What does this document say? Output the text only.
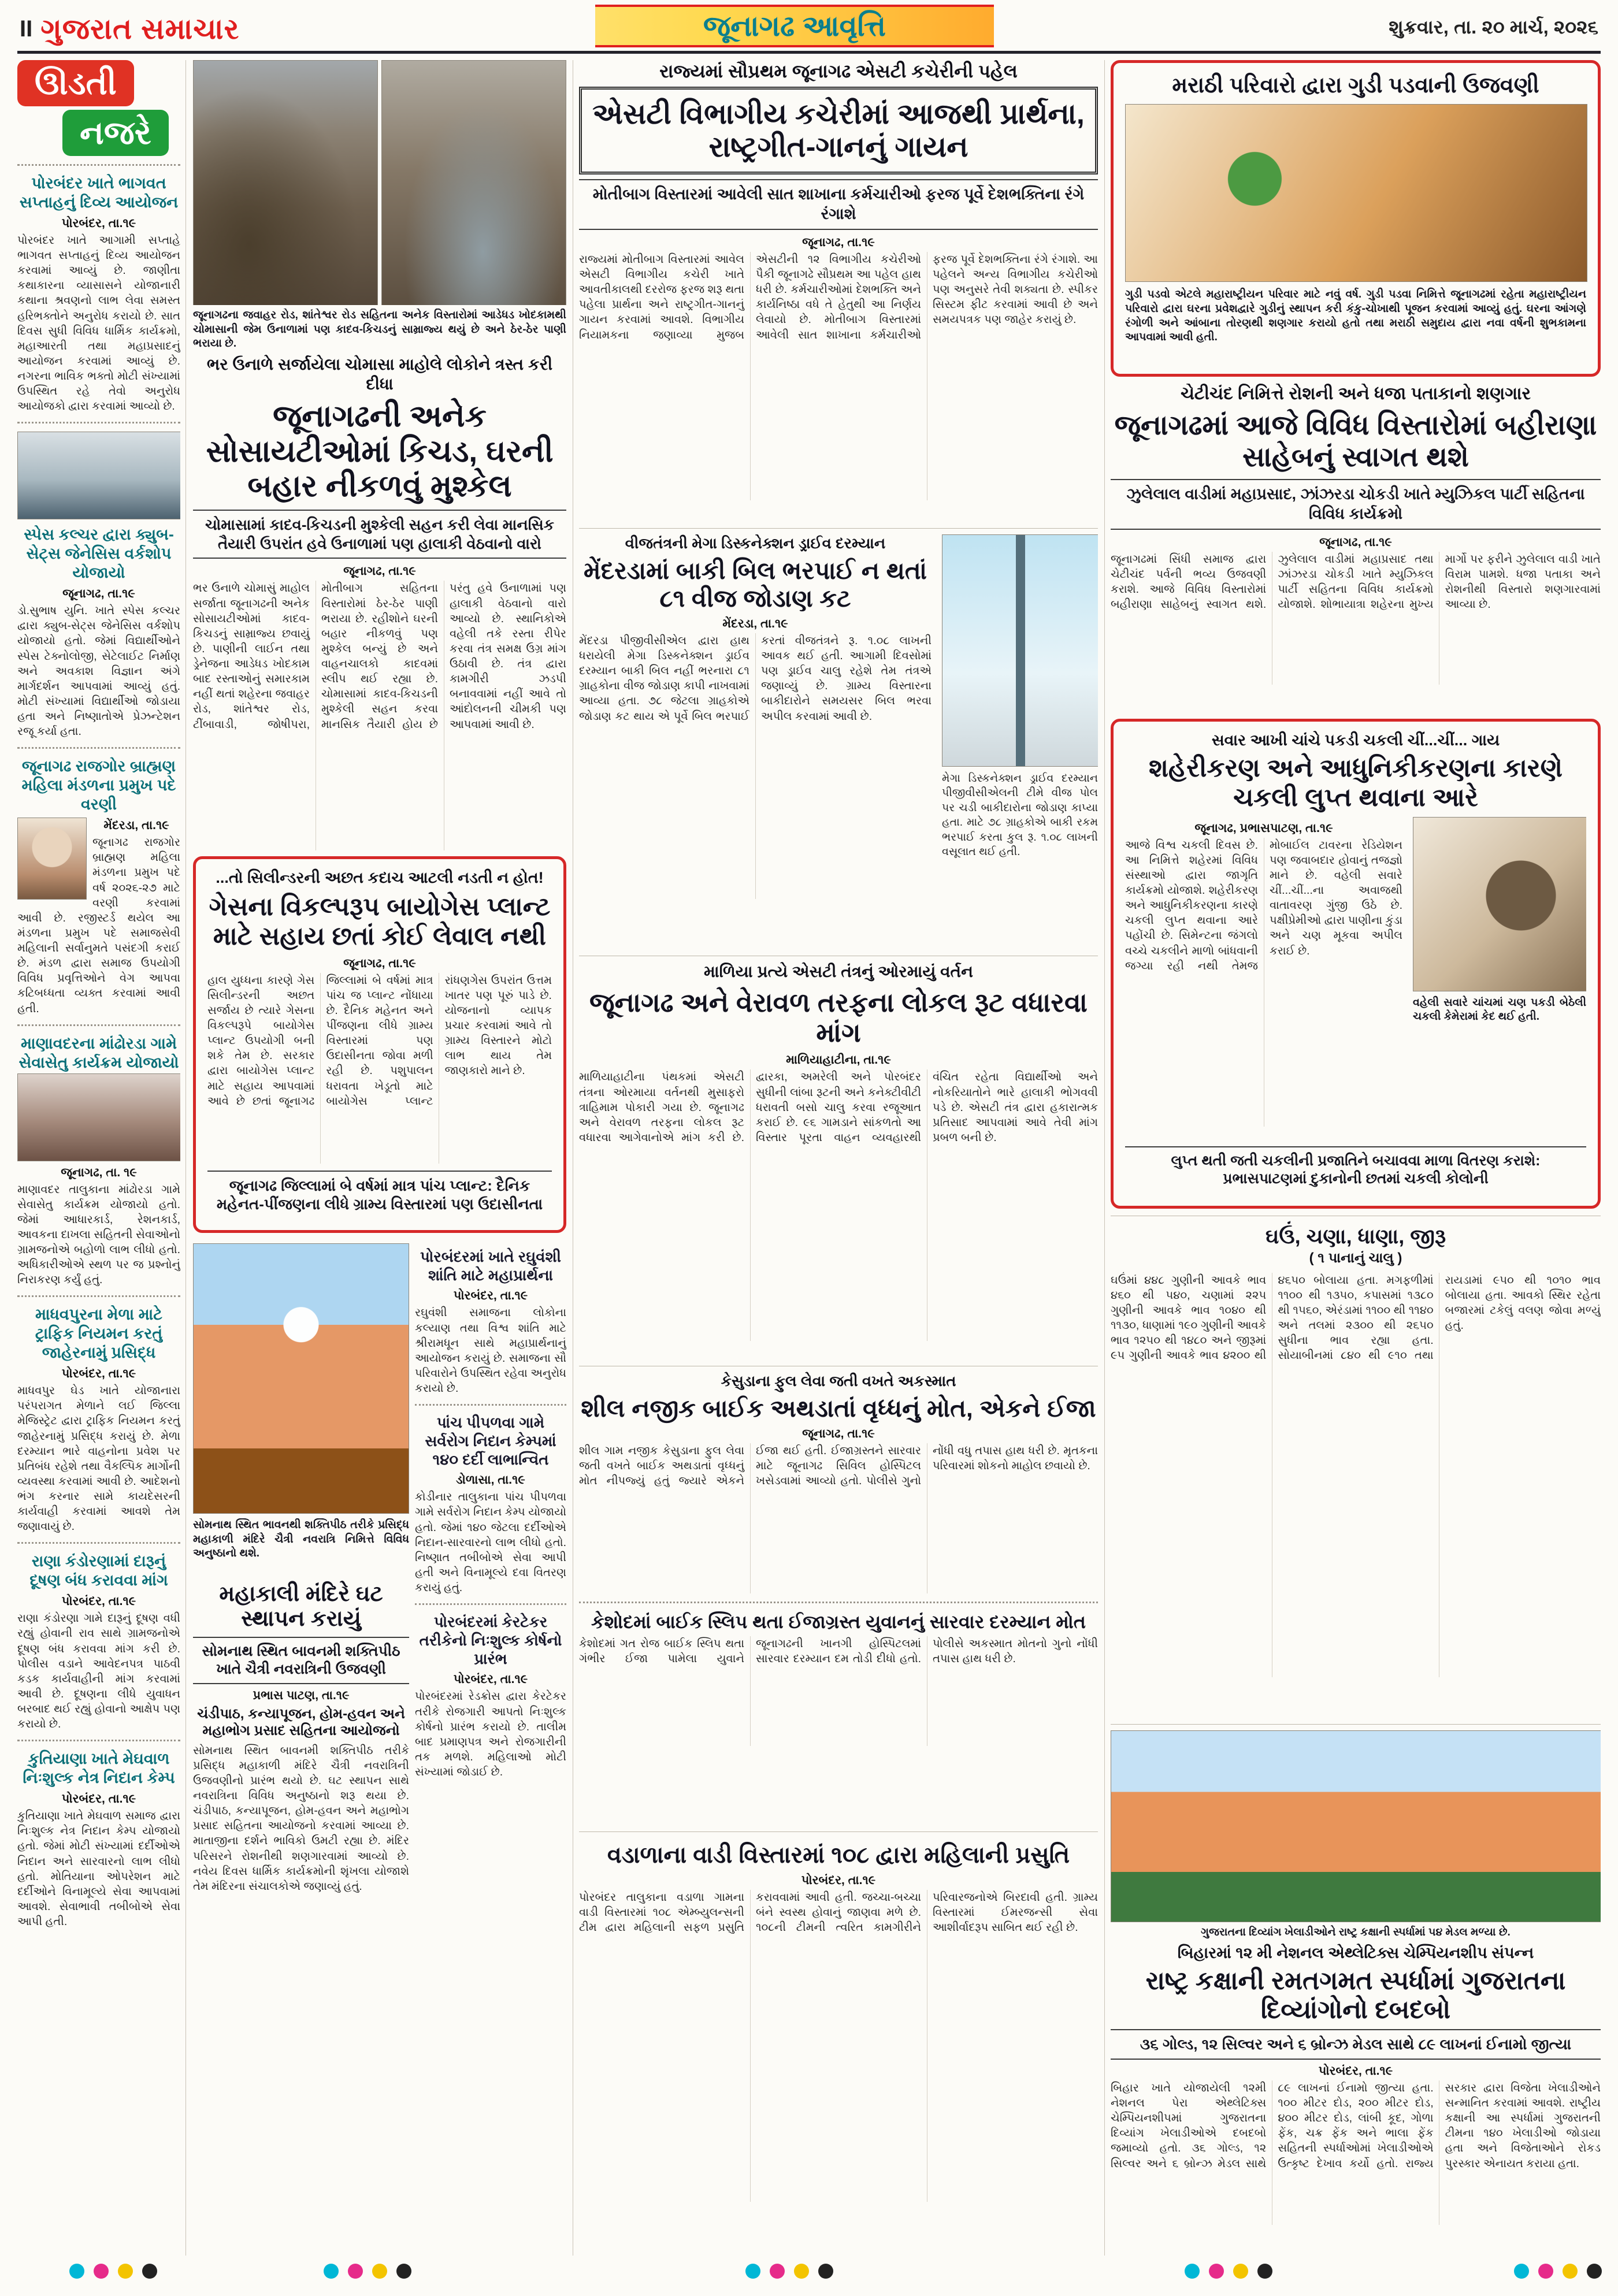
II ગુજરાત સમાચાર	જૂનાગઢ આવૃત્તિ	શુક્રવાર, તા. ૨૦ માર્ચ, ૨૦૨૬
ઊડતી
નજરે
પોરબંદર ખાતે ભાગવત સપ્તાહનું દિવ્ય આયોજન
પોરબંદર, તા.૧૯

પોરબંદર ખાતે આગામી સપ્તાહે ભાગવત સપ્તાહનું દિવ્ય આયોજન કરવામાં આવ્યું છે. જાણીતા કથાકારના વ્યાસાસને યોજાનારી કથાના શ્રવણનો લાભ લેવા સમસ્ત હરિભક્તોને અનુરોધ કરાયો છે. સાત દિવસ સુધી વિવિધ ધાર્મિક કાર્યક્રમો, મહાઆરતી તથા મહાપ્રસાદનું આયોજન કરવામાં આવ્યું છે. નગરના ભાવિક ભક્તો મોટી સંખ્યામાં ઉપસ્થિત રહે તેવો અનુરોધ આયોજકો દ્વારા કરવામાં આવ્યો છે.

સ્પેસ કલ્ચર દ્વારા ક્યુબ-સેટ્સ જેનેસિસ વર્કશોપ યોજાયો
જૂનાગઢ, તા.૧૯

ડો.સુભાષ યુનિ. ખાતે સ્પેસ કલ્ચર દ્વારા ક્યુબ-સેટ્સ જેનેસિસ વર્કશોપ યોજાયો હતો. જેમાં વિદ્યાર્થીઓને સ્પેસ ટેક્નોલોજી, સેટેલાઈટ નિર્માણ અને અવકાશ વિજ્ઞાન અંગે માર્ગદર્શન આપવામાં આવ્યું હતું. મોટી સંખ્યામાં વિદ્યાર્થીઓ જોડાયા હતા અને નિષ્ણાતોએ પ્રેઝન્ટેશન રજૂ કર્યા હતા.

જૂનાગઢ રાજગોર બ્રાહ્મણ મહિલા મંડળના પ્રમુખ પદે વરણી
મેંદરડા, તા.૧૯

જૂનાગઢ રાજગોર બ્રાહ્મણ મહિલા મંડળના પ્રમુખ પદે વર્ષ ૨૦૨૬-૨૭ માટે વરણી કરવામાં આવી છે. રજીસ્ટર્ડ થયેલ આ મંડળના પ્રમુખ પદે સમાજસેવી મહિલાની સર્વાનુમતે પસંદગી કરાઈ છે. મંડળ દ્વારા સમાજ ઉપયોગી વિવિધ પ્રવૃત્તિઓને વેગ આપવા કટિબધ્ધતા વ્યક્ત કરવામાં આવી હતી.

માણાવદરના માંઢોરડા ગામે સેવાસેતુ કાર્યક્રમ યોજાયો
જૂનાગઢ, તા. ૧૯

માણાવદર તાલુકાના માંઢોરડા ગામે સેવાસેતુ કાર્યક્રમ યોજાયો હતો. જેમાં આધારકાર્ડ, રેશનકાર્ડ, આવકના દાખલા સહિતની સેવાઓનો ગ્રામજનોએ બહોળો લાભ લીધો હતો. અધિકારીઓએ સ્થળ પર જ પ્રશ્નોનું નિરાકરણ કર્યું હતું.

માધવપુરના મેળા માટે ટ્રાફિક નિયમન કરતું જાહેરનામું પ્રસિદ્ધ
પોરબંદર, તા.૧૯

માધવપુર ઘેડ ખાતે યોજાનારા પરંપરાગત મેળાને લઈ જિલ્લા મેજિસ્ટ્રેટ દ્વારા ટ્રાફિક નિયમન કરતું જાહેરનામું પ્રસિદ્ધ કરાયું છે. મેળા દરમ્યાન ભારે વાહનોના પ્રવેશ પર પ્રતિબંધ રહેશે તથા વૈકલ્પિક માર્ગોની વ્યવસ્થા કરવામાં આવી છે. આદેશનો ભંગ કરનાર સામે કાયદેસરની કાર્યવાહી કરવામાં આવશે તેમ જણાવાયું છે.

રાણા કંડોરણામાં દારૂનું દૂષણ બંધ કરાવવા માંગ
પોરબંદર, તા.૧૯

રાણા કંડોરણા ગામે દારૂનું દૂષણ વધી રહ્યું હોવાની રાવ સાથે ગ્રામજનોએ દૂષણ બંધ કરાવવા માંગ કરી છે. પોલીસ વડાને આવેદનપત્ર પાઠવી કડક કાર્યવાહીની માંગ કરવામાં આવી છે. દૂષણના લીધે યુવાધન બરબાદ થઈ રહ્યું હોવાનો આક્ષેપ પણ કરાયો છે.

કુતિયાણા ખાતે મેઘવાળ નિઃશુલ્ક નેત્ર નિદાન કેમ્પ
પોરબંદર, તા.૧૯

કુતિયાણા ખાતે મેઘવાળ સમાજ દ્વારા નિઃશુલ્ક નેત્ર નિદાન કેમ્પ યોજાયો હતો. જેમાં મોટી સંખ્યામાં દર્દીઓએ નિદાન અને સારવારનો લાભ લીધો હતો. મોતિયાના ઓપરેશન માટે દર્દીઓને વિનામૂલ્યે સેવા આપવામાં આવશે. સેવાભાવી તબીબોએ સેવા આપી હતી.

જૂનાગઢના જવાહર રોડ, શાંતેશ્વર રોડ સહિતના અનેક વિસ્તારોમાં આડેધડ ખોદકામથી ચોમાસાની જેમ ઉનાળામાં પણ કાદવ-કિચડનું સામ્રાજ્ય થયું છે અને ઠેર-ઠેર પાણી ભરાયા છે.
ભર ઉનાળે સર્જાયેલા ચોમાસા માહોલે લોકોને ત્રસ્ત કરી દીધા
જૂનાગઢની અનેક સોસાયટીઓમાં કિચડ, ઘરની બહાર નીકળવું મુશ્કેલ
ચોમાસામાં કાદવ-કિચડની મુશ્કેલી સહન કરી લેવા માનસિક તૈયારી ઉપરાંત હવે ઉનાળામાં પણ હાલાકી વેઠવાનો વારો
જૂનાગઢ, તા.૧૯
ભર ઉનાળે ચોમાસું માહોલ સર્જાતા જૂનાગઢની અનેક સોસાયટીઓમાં કાદવ-કિચડનું સામ્રાજ્ય છવાયું છે. પાણીની લાઈન તથા ડ્રેનેજના આડેધડ ખોદકામ બાદ રસ્તાઓનું સમારકામ નહીં થતાં શહેરના જવાહર રોડ, શાંતેશ્વર રોડ, ટીંબાવાડી, જોષીપરા, મોતીબાગ સહિતના વિસ્તારોમાં ઠેર-ઠેર પાણી ભરાયા છે. રહીશોને ઘરની બહાર નીકળવું પણ મુશ્કેલ બન્યું છે અને વાહનચાલકો કાદવમાં સ્લીપ થઈ રહ્યા છે. ચોમાસામાં કાદવ-કિચડની મુશ્કેલી સહન કરવા માનસિક તૈયારી હોય છે પરંતુ હવે ઉનાળામાં પણ હાલાકી વેઠવાનો વારો આવ્યો છે. સ્થાનિકોએ વહેલી તકે રસ્તા રીપેર કરવા તંત્ર સમક્ષ ઉગ્ર માંગ ઉઠાવી છે. તંત્ર દ્વારા કામગીરી ઝડપી બનાવવામાં નહીં આવે તો આંદોલનની ચીમકી પણ આપવામાં આવી છે.
...તો સિલીન્ડરની અછત કદાચ આટલી નડતી ન હોત!
ગેસના વિકલ્પરૂપ બાયોગેસ પ્લાન્ટ માટે સહાય છતાં કોઈ લેવાલ નથી
જૂનાગઢ, તા.૧૯
હાલ યુધ્ધના કારણે ગેસ સિલીન્ડરની અછત સર્જાય છે ત્યારે ગેસના વિકલ્પરૂપે બાયોગેસ પ્લાન્ટ ઉપયોગી બની શકે તેમ છે. સરકાર દ્વારા બાયોગેસ પ્લાન્ટ માટે સહાય આપવામાં આવે છે છતાં જૂનાગઢ જિલ્લામાં બે વર્ષમાં માત્ર પાંચ જ પ્લાન્ટ નોંધાયા છે. દૈનિક મહેનત અને પીંજણના લીધે ગ્રામ્ય વિસ્તારમાં પણ ઉદાસીનતા જોવા મળી રહી છે. પશુપાલન ધરાવતા ખેડૂતો માટે બાયોગેસ પ્લાન્ટ રાંધણગેસ ઉપરાંત ઉત્તમ ખાતર પણ પૂરું પાડે છે. યોજનાનો વ્યાપક પ્રચાર કરવામાં આવે તો ગ્રામ્ય વિસ્તારને મોટો લાભ થાય તેમ જાણકારો માને છે.
જૂનાગઢ જિલ્લામાં બે વર્ષમાં માત્ર પાંચ પ્લાન્ટ: દૈનિક મહેનત-પીંજણના લીધે ગ્રામ્ય વિસ્તારમાં પણ ઉદાસીનતા
સોમનાથ સ્થિત ભાવનથી શક્તિપીઠ તરીકે પ્રસિદ્ધ મહાકાળી મંદિરે ચૈત્રી નવરાત્રિ નિમિત્તે વિવિધ અનુષ્ઠાનો થશે.
મહાકાલી મંદિરે ઘટ સ્થાપન કરાયું
સોમનાથ સ્થિત બાવનમી શક્તિપીઠ ખાતે ચૈત્રી નવરાત્રિની ઉજવણી
પ્રભાસ પાટણ, તા.૧૯
ચંડીપાઠ, કન્યાપૂજન, હોમ-હવન અને મહાભોગ પ્રસાદ સહિતના આયોજનો

સોમનાથ સ્થિત બાવનમી શક્તિપીઠ તરીકે પ્રસિદ્ધ મહાકાળી મંદિરે ચૈત્રી નવરાત્રિની ઉજવણીનો પ્રારંભ થયો છે. ઘટ સ્થાપન સાથે નવરાત્રિના વિવિધ અનુષ્ઠાનો શરૂ થયા છે. ચંડીપાઠ, કન્યાપૂજન, હોમ-હવન અને મહાભોગ પ્રસાદ સહિતના આયોજનો કરવામાં આવ્યા છે. માતાજીના દર્શને ભાવિકો ઉમટી રહ્યા છે. મંદિર પરિસરને રોશનીથી શણગારવામાં આવ્યો છે. નવેય દિવસ ધાર્મિક કાર્યક્રમોની શૃંખલા યોજાશે તેમ મંદિરના સંચાલકોએ જણાવ્યું હતું.

પોરબંદરમાં ખાતે રઘુવંશી શાંતિ માટે મહાપ્રાર્થના
પોરબંદર, તા.૧૯

રઘુવંશી સમાજના લોકોના કલ્યાણ તથા વિશ્વ શાંતિ માટે શ્રીરામધૂન સાથે મહાપ્રાર્થનાનું આયોજન કરાયું છે. સમાજના સૌ પરિવારોને ઉપસ્થિત રહેવા અનુરોધ કરાયો છે.

પાંચ પીપળવા ગામે સર્વરોગ નિદાન કેમ્પમાં ૧૪૦ દર્દી લાભાન્વિત
ડોળાસા, તા.૧૯

કોડીનાર તાલુકાના પાંચ પીપળવા ગામે સર્વરોગ નિદાન કેમ્પ યોજાયો હતો. જેમાં ૧૪૦ જેટલા દર્દીઓએ નિદાન-સારવારનો લાભ લીધો હતો. નિષ્ણાત તબીબોએ સેવા આપી હતી અને વિનામૂલ્યે દવા વિતરણ કરાયું હતું.

પોરબંદરમાં કેરટેકર તરીકેનો નિઃશુલ્ક કોર્ષનો પ્રારંભ
પોરબંદર, તા.૧૯

પોરબંદરમાં રેડક્રોસ દ્વારા કેરટેકર તરીકે રોજગારી આપતો નિઃશુલ્ક કોર્ષનો પ્રારંભ કરાયો છે. તાલીમ બાદ પ્રમાણપત્ર અને રોજગારીની તક મળશે. મહિલાઓ મોટી સંખ્યામાં જોડાઈ છે.

રાજ્યમાં સૌપ્રથમ જૂનાગઢ એસટી કચેરીની પહેલ
એસટી વિભાગીય કચેરીમાં આજથી પ્રાર્થના, રાષ્ટ્રગીત-ગાનનું ગાયન
મોતીબાગ વિસ્તારમાં આવેલી સાત શાખાના કર્મચારીઓ ફરજ પૂર્વે દેશભક્તિના રંગે રંગાશે
જૂનાગઢ, તા.૧૯
રાજ્યમાં મોતીબાગ વિસ્તારમાં આવેલ એસટી વિભાગીય કચેરી ખાતે આવતીકાલથી દરરોજ ફરજ શરૂ થતા પહેલા પ્રાર્થના અને રાષ્ટ્રગીત-ગાનનું ગાયન કરવામાં આવશે. વિભાગીય નિયામકના જણાવ્યા મુજબ એસટીની ૧૨ વિભાગીય કચેરીઓ પૈકી જૂનાગઢે સૌપ્રથમ આ પહેલ હાથ ધરી છે. કર્મચારીઓમાં દેશભક્તિ અને કાર્યનિષ્ઠા વધે તે હેતુથી આ નિર્ણય લેવાયો છે. મોતીબાગ વિસ્તારમાં આવેલી સાત શાખાના કર્મચારીઓ ફરજ પૂર્વે દેશભક્તિના રંગે રંગાશે. આ પહેલને અન્ય વિભાગીય કચેરીઓ પણ અનુસરે તેવી શક્યતા છે. સ્પીકર સિસ્ટમ ફીટ કરવામાં આવી છે અને સમયપત્રક પણ જાહેર કરાયું છે.
વીજતંત્રની મેગા ડિસ્કનેક્શન ડ્રાઈવ દરમ્યાન
મેંદરડામાં બાકી બિલ ભરપાઈ ન થતાં ૮૧ વીજ જોડાણ કટ
મેંદરડા, તા.૧૯
મેંદરડા પીજીવીસીએલ દ્વારા હાથ ધરાયેલી મેગા ડિસ્કનેક્શન ડ્રાઈવ દરમ્યાન બાકી બિલ નહીં ભરનારા ૮૧ ગ્રાહકોના વીજ જોડાણ કાપી નાખવામાં આવ્યા હતા. ૭૮ જેટલા ગ્રાહકોએ જોડાણ કટ થાય એ પૂર્વે બિલ ભરપાઈ કરતાં વીજતંત્રને રૂ. ૧.૦૮ લાખની આવક થઈ હતી. આગામી દિવસોમાં પણ ડ્રાઈવ ચાલુ રહેશે તેમ તંત્રએ જણાવ્યું છે. ગ્રામ્ય વિસ્તારના બાકીદારોને સમયસર બિલ ભરવા અપીલ કરવામાં આવી છે.

મેગા ડિસ્કનેક્શન ડ્રાઈવ દરમ્યાન પીજીવીસીએલની ટીમે વીજ પોલ પર ચડી બાકીદારોના જોડાણ કાપ્યા હતા. માટે ૭૮ ગ્રાહકોએ બાકી રકમ ભરપાઈ કરતા કુલ રૂ. ૧.૦૮ લાખની વસૂલાત થઈ હતી.

માળિયા પ્રત્યે એસટી તંત્રનું ઓરમાયું વર્તન
જૂનાગઢ અને વેરાવળ તરફના લોકલ રૂટ વધારવા માંગ
માળિયાહાટીના, તા.૧૯
માળિયાહાટીના પંથકમાં એસટી તંત્રના ઓરમાયા વર્તનથી મુસાફરો ત્રાહિમામ પોકારી ગયા છે. જૂનાગઢ અને વેરાવળ તરફના લોકલ રૂટ વધારવા આગેવાનોએ માંગ કરી છે. દ્વારકા, અમરેલી અને પોરબંદર સુધીની લાંબા રૂટની અને કનેક્ટીવીટી ધરાવતી બસો ચાલુ કરવા રજૂઆત કરાઈ છે. ૯૬ ગામડાને સાંકળતો આ વિસ્તાર પૂરતા વાહન વ્યવહારથી વંચિત રહેતા વિદ્યાર્થીઓ અને નોકરિયાતોને ભારે હાલાકી ભોગવવી પડે છે. એસટી તંત્ર દ્વારા હકારાત્મક પ્રતિસાદ આપવામાં આવે તેવી માંગ પ્રબળ બની છે.
કેસુડાના ફુલ લેવા જતી વખતે અકસ્માત
શીલ નજીક બાઈક અથડાતાં વૃધ્ધનું મોત, એકને ઈજા
જૂનાગઢ, તા.૧૯
શીલ ગામ નજીક કેસુડાના ફુલ લેવા જતી વખતે બાઈક અથડાતાં વૃધ્ધનું મોત નીપજ્યું હતું જ્યારે એકને ઈજા થઈ હતી. ઈજાગ્રસ્તને સારવાર માટે જૂનાગઢ સિવિલ હોસ્પિટલ ખસેડવામાં આવ્યો હતો. પોલીસે ગુનો નોંધી વધુ તપાસ હાથ ધરી છે. મૃતકના પરિવારમાં શોકનો માહોલ છવાયો છે.
કેશોદમાં બાઈક સ્લિપ થતા ઈજાગ્રસ્ત યુવાનનું સારવાર દરમ્યાન મોત
કેશોદમાં ગત રોજ બાઈક સ્લિપ થતા ગંભીર ઈજા પામેલા યુવાને જૂનાગઢની ખાનગી હોસ્પિટલમાં સારવાર દરમ્યાન દમ તોડી દીધો હતો. પોલીસે અકસ્માત મોતનો ગુનો નોંધી તપાસ હાથ ધરી છે.
વડાળાના વાડી વિસ્તારમાં ૧૦૮ દ્વારા મહિલાની પ્રસુતિ
પોરબંદર, તા.૧૯
પોરબંદર તાલુકાના વડાળા ગામના વાડી વિસ્તારમાં ૧૦૮ એમ્બ્યુલન્સની ટીમ દ્વારા મહિલાની સફળ પ્રસુતિ કરાવવામાં આવી હતી. જચ્ચા-બચ્ચા બંને સ્વસ્થ હોવાનું જાણવા મળે છે. ૧૦૮ની ટીમની ત્વરિત કામગીરીને પરિવારજનોએ બિરદાવી હતી. ગ્રામ્ય વિસ્તારમાં ઈમરજન્સી સેવા આશીર્વાદરૂપ સાબિત થઈ રહી છે.
મરાઠી પરિવારો દ્વારા ગુડી પડવાની ઉજવણી

ગુડી પડવો એટલે મહારાષ્ટ્રીયન પરિવાર માટે નવું વર્ષ. ગુડી પડવા નિમિત્તે જૂનાગઢમાં રહેતા મહારાષ્ટ્રીયન પરિવારો દ્વારા ઘરના પ્રવેશદ્વારે ગુડીનું સ્થાપન કરી કંકુ-ચોખાથી પૂજન કરવામાં આવ્યું હતું. ઘરના આંગણે રંગોળી અને આંબાના તોરણથી શણગાર કરાયો હતો તથા મરાઠી સમુદાય દ્વારા નવા વર્ષની શુભકામના આપવામાં આવી હતી.

ચેટીચંદ નિમિત્તે રોશની અને ધજા પતાકાનો શણગાર
જૂનાગઢમાં આજે વિવિધ વિસ્તારોમાં બહીરાણા સાહેબનું સ્વાગત થશે
ઝુલેલાલ વાડીમાં મહાપ્રસાદ, ઝાંઝરડા ચોકડી ખાતે મ્યુઝિકલ પાર્ટી સહિતના વિવિધ કાર્યક્રમો
જૂનાગઢ, તા.૧૯
જૂનાગઢમાં સિંધી સમાજ દ્વારા ચેટીચંદ પર્વની ભવ્ય ઉજવણી કરાશે. આજે વિવિધ વિસ્તારોમાં બહીરાણા સાહેબનું સ્વાગત થશે. ઝુલેલાલ વાડીમાં મહાપ્રસાદ તથા ઝાંઝરડા ચોકડી ખાતે મ્યુઝિકલ પાર્ટી સહિતના વિવિધ કાર્યક્રમો યોજાશે. શોભાયાત્રા શહેરના મુખ્ય માર્ગો પર ફરીને ઝુલેલાલ વાડી ખાતે વિરામ પામશે. ધજા પતાકા અને રોશનીથી વિસ્તારો શણગારવામાં આવ્યા છે.
સવાર આખી ચાંચે પકડી ચકલી ચીં...ચીં... ગાય
શહેરીકરણ અને આધુનિકીકરણના કારણે ચકલી લુપ્ત થવાના આરે
જૂનાગઢ, પ્રભાસપાટણ, તા.૧૯
આજે વિશ્વ ચકલી દિવસ છે. આ નિમિત્તે શહેરમાં વિવિધ સંસ્થાઓ દ્વારા જાગૃતિ કાર્યક્રમો યોજાશે. શહેરીકરણ અને આધુનિકીકરણના કારણે ચકલી લુપ્ત થવાના આરે પહોંચી છે. સિમેન્ટના જંગલો વચ્ચે ચકલીને માળો બાંધવાની જગ્યા રહી નથી તેમજ મોબાઈલ ટાવરના રેડિયેશન પણ જવાબદાર હોવાનું તજજ્ઞો માને છે. વહેલી સવારે ચીં...ચીં...ના અવાજથી વાતાવરણ ગુંજી ઉઠે છે. પક્ષીપ્રેમીઓ દ્વારા પાણીના કુંડા અને ચણ મૂકવા અપીલ કરાઈ છે.

વહેલી સવારે ચાંચમાં ચણ પકડી બેઠેલી ચકલી કેમેરામાં કેદ થઈ હતી.

લુપ્ત થતી જતી ચકલીની પ્રજાતિને બચાવવા માળા વિતરણ કરાશે: પ્રભાસપાટણમાં દુકાનોની છતમાં ચકલી કોલોની
ઘઉં, ચણા, ધાણા, જીરૂ
( ૧ પાનાનું ચાલુ )
ઘઉંમાં ૪૪૮ ગુણીની આવકે ભાવ ૪૬૦ થી ૫૪૦, ચણામાં ૨૨૫ ગુણીની આવકે ભાવ ૧૦૪૦ થી ૧૧૩૦, ધાણામાં ૧૯૦ ગુણીની આવકે ભાવ ૧૨૫૦ થી ૧૪૮૦ અને જીરૂમાં ૯૫ ગુણીની આવકે ભાવ ૪૨૦૦ થી ૪૬૫૦ બોલાયા હતા. મગફળીમાં ૧૧૦૦ થી ૧૩૫૦, કપાસમાં ૧૩૮૦ થી ૧૫૬૦, એરંડામાં ૧૧૦૦ થી ૧૧૪૦ અને તલમાં ૨૩૦૦ થી ૨૬૫૦ સુધીના ભાવ રહ્યા હતા. સોયાબીનમાં ૮૪૦ થી ૯૧૦ તથા રાયડામાં ૯૫૦ થી ૧૦૧૦ ભાવ બોલાયા હતા. આવકો સ્થિર રહેતા બજારમાં ટકેલું વલણ જોવા મળ્યું હતું.

ગુજરાતના દિવ્યાંગ ખેલાડીઓને રાષ્ટ્ર કક્ષાની સ્પર્ધામાં ૫૪ મેડલ મળ્યા છે.

બિહારમાં ૧૨ મી નેશનલ એથ્લેટિક્સ ચેમ્પિયનશીપ સંપન્ન
રાષ્ટ્ર કક્ષાની રમતગમત સ્પર્ધામાં ગુજરાતના દિવ્યાંગોનો દબદબો
૩૬ ગોલ્ડ, ૧૨ સિલ્વર અને ૬ બ્રોન્ઝ મેડલ સાથે ૮૯ લાખનાં ઈનામો જીત્યા
પોરબંદર, તા.૧૯
બિહાર ખાતે યોજાયેલી ૧૨મી નેશનલ પેરા એથ્લેટિક્સ ચેમ્પિયનશીપમાં ગુજરાતના દિવ્યાંગ ખેલાડીઓએ દબદબો જમાવ્યો હતો. ૩૬ ગોલ્ડ, ૧૨ સિલ્વર અને ૬ બ્રોન્ઝ મેડલ સાથે ૮૯ લાખનાં ઈનામો જીત્યા હતા. ૧૦૦ મીટર દોડ, ૨૦૦ મીટર દોડ, ૪૦૦ મીટર દોડ, લાંબી કૂદ, ગોળા ફેંક, ચક્ર ફેંક અને ભાલા ફેંક સહિતની સ્પર્ધાઓમાં ખેલાડીઓએ ઉત્કૃષ્ટ દેખાવ કર્યો હતો. રાજ્ય સરકાર દ્વારા વિજેતા ખેલાડીઓને સન્માનિત કરવામાં આવશે. રાષ્ટ્રીય કક્ષાની આ સ્પર્ધામાં ગુજરાતની ટીમના ૧૪૦ ખેલાડીઓ જોડાયા હતા અને વિજેતાઓને રોકડ પુરસ્કાર એનાયત કરાયા હતા.
